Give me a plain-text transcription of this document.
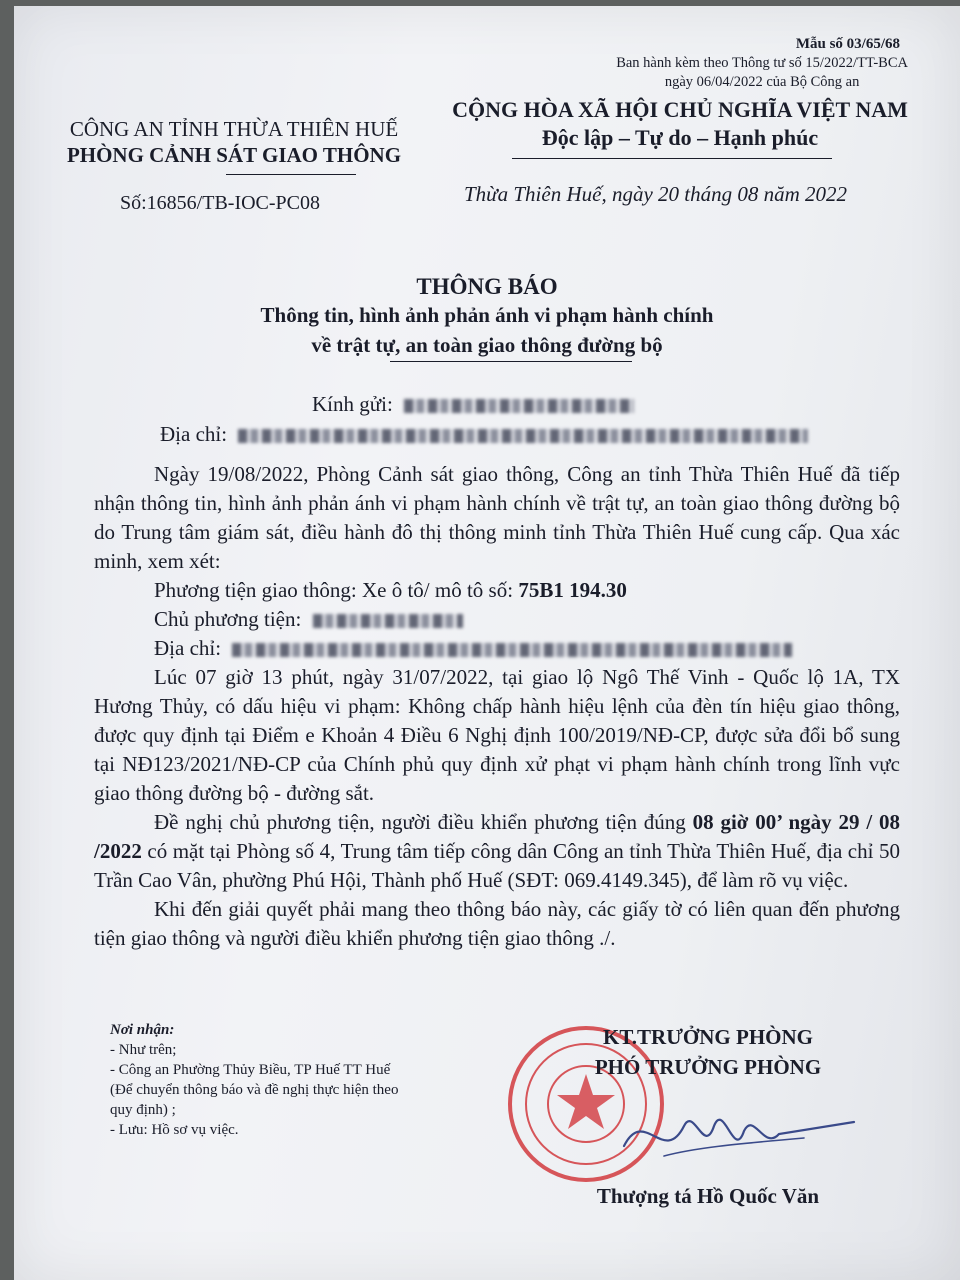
Mẫu số 03/65/68
Ban hành kèm theo Thông tư số 15/2022/TT-BCA
ngày 06/04/2022 của Bộ Công an
CÔNG AN TỈNH THỪA THIÊN HUẾ
PHÒNG CẢNH SÁT GIAO THÔNG
CỘNG HÒA XÃ HỘI CHỦ NGHĨA VIỆT NAM
Độc lập – Tự do – Hạnh phúc
Số:16856/TB-IOC-PC08	Thừa Thiên Huế, ngày 20 tháng 08 năm 2022
THÔNG BÁO
Thông tin, hình ảnh phản ánh vi phạm hành chính
về trật tự, an toàn giao thông đường bộ
Kính gửi:
Địa chỉ:

Ngày 19/08/2022, Phòng Cảnh sát giao thông, Công an tỉnh Thừa Thiên Huế đã tiếp nhận thông tin, hình ảnh phản ánh vi phạm hành chính về trật tự, an toàn giao thông đường bộ do Trung tâm giám sát, điều hành đô thị thông minh tỉnh Thừa Thiên Huế cung cấp. Qua xác minh, xem xét:

Phương tiện giao thông: Xe ô tô/ mô tô số: 75B1 194.30

Chủ phương tiện:

Địa chỉ:

Lúc 07 giờ 13 phút, ngày 31/07/2022, tại giao lộ Ngô Thế Vinh - Quốc lộ 1A, TX Hương Thủy, có dấu hiệu vi phạm: Không chấp hành hiệu lệnh của đèn tín hiệu giao thông, được quy định tại Điểm e Khoản 4 Điều 6 Nghị định 100/2019/NĐ-CP, được sửa đổi bổ sung tại NĐ123/2021/NĐ-CP của Chính phủ quy định xử phạt vi phạm hành chính trong lĩnh vực giao thông đường bộ - đường sắt.

Đề nghị chủ phương tiện, người điều khiển phương tiện đúng 08 giờ 00’ ngày 29 / 08 /2022 có mặt tại Phòng số 4, Trung tâm tiếp công dân Công an tỉnh Thừa Thiên Huế, địa chỉ 50 Trần Cao Vân, phường Phú Hội, Thành phố Huế (SĐT: 069.4149.345), để làm rõ vụ việc.

Khi đến giải quyết phải mang theo thông báo này, các giấy tờ có liên quan đến phương tiện giao thông và người điều khiển phương tiện giao thông ./.

Nơi nhận:
- Như trên;
- Công an Phường Thủy Biều, TP Huế TT Huế
(Để chuyển thông báo và đề nghị thực hiện theo
quy định) ;
- Lưu: Hồ sơ vụ việc.
KT.TRƯỞNG PHÒNG
PHÓ TRƯỞNG PHÒNG
Thượng tá Hồ Quốc Văn
